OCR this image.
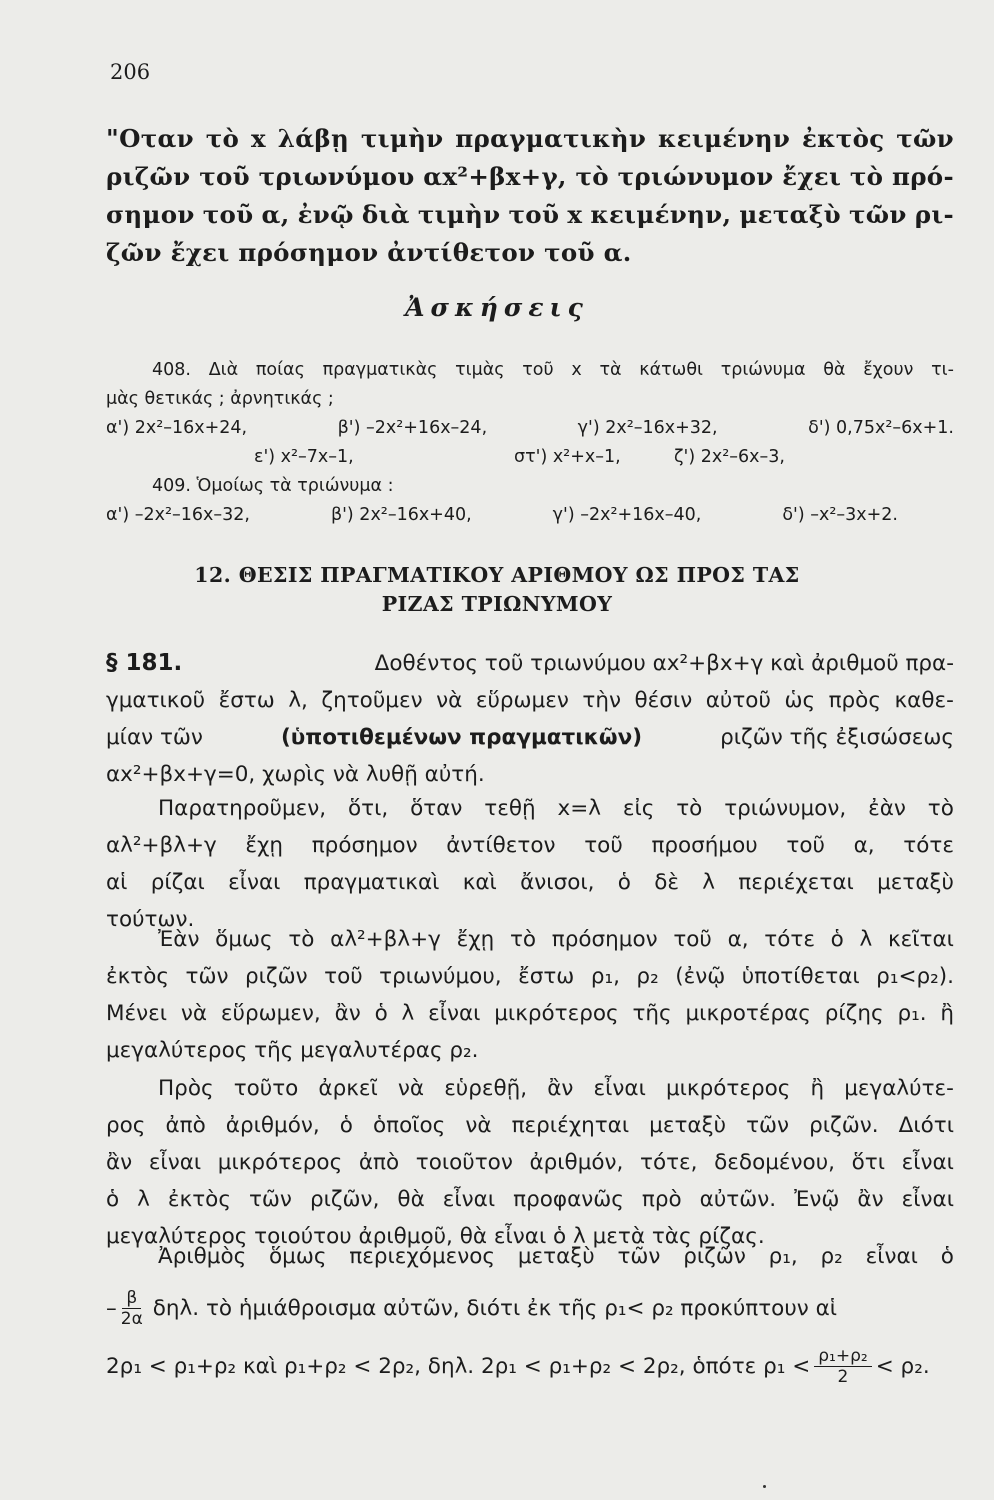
206
"Οταν τὸ x λάβῃ τιμὴν πραγματικὴν κειμένην ἐκτὸς τῶν
ριζῶν τοῦ τριωνύμου αx²+βx+γ, τὸ τριώνυμον ἔχει τὸ πρό-
σημον τοῦ α, ἐνῷ διὰ τιμὴν τοῦ x κειμένην, μεταξὺ τῶν ρι-
ζῶν ἔχει πρόσημον ἀντίθετον τοῦ α.
Ἀσκήσεις
408. Διὰ ποίας πραγματικὰς τιμὰς τοῦ x τὰ κάτωθι τριώνυμα θὰ ἔχουν τι-
μὰς θετικάς ; ἀρνητικάς ;
α') 2x²–16x+24,	β') –2x²+16x–24,	γ') 2x²–16x+32,	δ') 0,75x²–6x+1.
ε') x²–7x–1,	στ') x²+x–1,	ζ') 2x²–6x–3,
409. Ὁμοίως τὰ τριώνυμα :
α') –2x²–16x–32,	β') 2x²–16x+40,	γ') –2x²+16x–40,	δ') –x²–3x+2.
12. ΘΕΣΙΣ ΠΡΑΓΜΑΤΙΚΟΥ ΑΡΙΘΜΟΥ ΩΣ ΠΡΟΣ ΤΑΣ
ΡΙΖΑΣ ΤΡΙΩΝΥΜΟΥ
§ 181.	Δοθέντος τοῦ τριωνύμου αx²+βx+γ καὶ ἀριθμοῦ πρα-
γματικοῦ ἔστω λ, ζητοῦμεν νὰ εὕρωμεν τὴν θέσιν αὐτοῦ ὡς πρὸς καθε-
μίαν τῶν	(ὑποτιθεμένων πραγματικῶν)	ριζῶν τῆς ἐξισώσεως
αx²+βx+γ=0, χωρὶς νὰ λυθῇ αὐτή.
Παρατηροῦμεν, ὅτι, ὅταν τεθῇ x=λ εἰς τὸ τριώνυμον, ἐὰν τὸ
αλ²+βλ+γ ἔχῃ πρόσημον ἀντίθετον τοῦ προσήμου τοῦ α, τότε
αἱ ρίζαι εἶναι πραγματικαὶ καὶ ἄνισοι, ὁ δὲ λ περιέχεται μεταξὺ
τούτων.
Ἐὰν ὅμως τὸ αλ²+βλ+γ ἔχῃ τὸ πρόσημον τοῦ α, τότε ὁ λ κεῖται
ἐκτὸς τῶν ριζῶν τοῦ τριωνύμου, ἔστω ρ₁, ρ₂ (ἐνῷ ὑποτίθεται ρ₁<ρ₂).
Μένει νὰ εὕρωμεν, ἂν ὁ λ εἶναι μικρότερος τῆς μικροτέρας ρίζης ρ₁. ἢ
μεγαλύτερος τῆς μεγαλυτέρας ρ₂.
Πρὸς τοῦτο ἀρκεῖ νὰ εὑρεθῇ, ἂν εἶναι μικρότερος ἢ μεγαλύτε-
ρος ἀπὸ ἀριθμόν, ὁ ὁποῖος νὰ περιέχηται μεταξὺ τῶν ριζῶν. Διότι
ἂν εἶναι μικρότερος ἀπὸ τοιοῦτον ἀριθμόν, τότε, δεδομένου, ὅτι εἶναι
ὁ λ ἐκτὸς τῶν ριζῶν, θὰ εἶναι προφανῶς πρὸ αὐτῶν. Ἐνῷ ἂν εἶναι
μεγαλύτερος τοιούτου ἀριθμοῦ, θὰ εἶναι ὁ λ μετὰ τὰς ρίζας.
Ἀριθμὸς ὅμως περιεχόμενος μεταξὺ τῶν ριζῶν ρ₁, ρ₂ εἶναι ὁ
– $\frac{\beta}{2\alpha} \delta\eta\lambda$. τὸ ἡμιάθροισμα αὐτῶν, διότι ἐκ τῆς ρ₁< ρ₂ προκύπτουν αἱ
2ρ₁ < ρ₁+ρ₂ καὶ ρ₁+ρ₂ < 2ρ₂, δηλ. 2ρ₁ < ρ₁+ρ₂ < 2ρ₂, ὁπότε $\rho_1 < \frac{\text{ρ₁+ρ₂}}{2} < \rho_2$.
